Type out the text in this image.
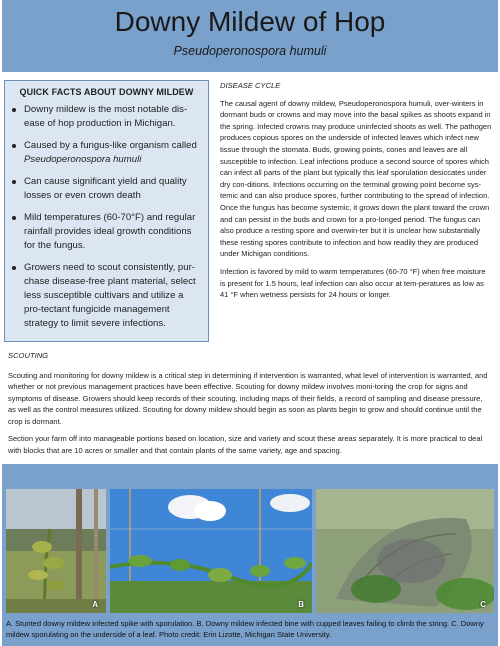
Downy Mildew of Hop
Pseudoperonospora humuli
QUICK FACTS ABOUT DOWNY MILDEW
Downy mildew is the most notable dis-ease of hop production in Michigan.
Caused by a fungus-like organism called Pseudoperonospora humuli
Can cause significant yield and quality losses or even crown death
Mild temperatures (60-70°F) and regular rainfall provides ideal growth conditions for the fungus.
Growers need to scout consistently, pur-chase disease-free plant material, select less susceptible cultivars and utilize a pro-tectant fungicide management strategy to limit severe infections.
DISEASE CYCLE

The causal agent of downy mildew, Pseudoperonospora humuli, over-winters in dormant buds or crowns and may move into the basal spikes as shoots expand in the spring. Infected crowns may produce uninfected shoots as well. The pathogen produces copious spores on the underside of infected leaves which infect new tissue through the stomata. Buds, growing points, cones and leaves are all susceptible to infection. Leaf infections produce a second source of spores which can infect all parts of the plant but typically this leaf sporulation desiccates under dry con-ditions. Infections occurring on the terminal growing point become sys-temic and can also produce spores, further contributing to the spread of infection. Once the fungus has become systemic, it grows down the plant toward the crown and can persist in the buds and crown for a pro-longed period. The fungus can also produce a resting spore and overwin-ter but it is unclear how substantially these resting spores contribute to infection and how readily they are produced under Michigan conditions.

Infection is favored by mild to warm temperatures (60-70 °F) when free moisture is present for 1.5 hours, leaf infection can also occur at tem-peratures as low as 41 °F when wetness persists for 24 hours or longer.

SCOUTING

Scouting and monitoring for downy mildew is a critical step in determining if intervention is warranted, what level of intervention is warranted, and whether or not previous management practices have been effective. Scouting for downy mildew involves moni-toring the crop for signs and symptoms of disease. Growers should keep records of their scouting, including maps of their fields, a record of sampling and disease pressure, as well as the control measures utilized. Scouting for downy mildew should begin as soon as plants begin to grow and should continue until the crop is dormant.

Section your farm off into manageable portions based on location, size and variety and scout these areas separately. It is more practical to deal with blocks that are 10 acres or smaller and that contain plants of the same variety, age and spacing.

A	B	C
A. Stunted downy mildew infected spike with sporulation. B. Downy mildew infected bine with cupped leaves failing to climb the string. C. Downy mildew sporulating on the underside of a leaf. Photo credit: Erin Lizotte, Michigan State University.
